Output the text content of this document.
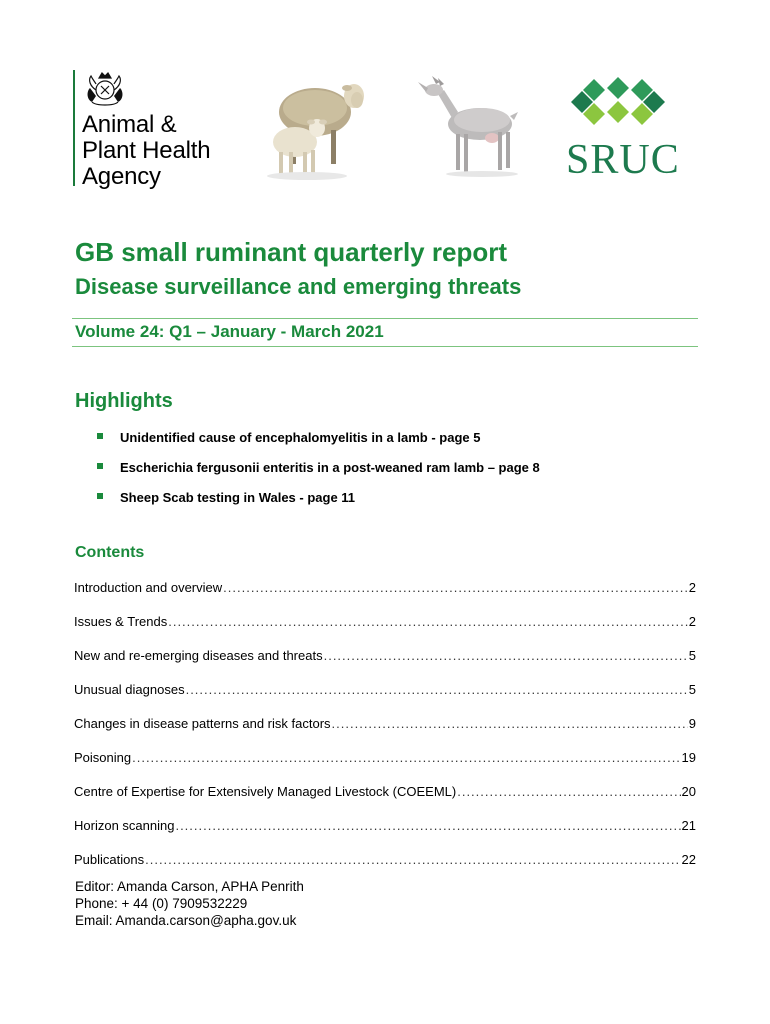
Animal &
Plant Health
Agency	SRUC
GB small ruminant quarterly report
Disease surveillance and emerging threats
Volume 24: Q1 – January - March 2021
Highlights
Unidentified cause of encephalomyelitis in a lamb - page 5
Escherichia fergusonii enteritis in a post-weaned ram lamb – page 8
Sheep Scab testing in Wales - page 11
Contents
Introduction and overview .....	2
Issues & Trends .....	2
New and re-emerging diseases and threats .....	5
Unusual diagnoses .....	5
Changes in disease patterns and risk factors .....	9
Poisoning .....	19
Centre of Expertise for Extensively Managed Livestock (COEEML) .....	20
Horizon scanning .....	21
Publications .....	22
Editor: Amanda Carson, APHA Penrith
Phone: + 44 (0) 7909532229
Email: Amanda.carson@apha.gov.uk
